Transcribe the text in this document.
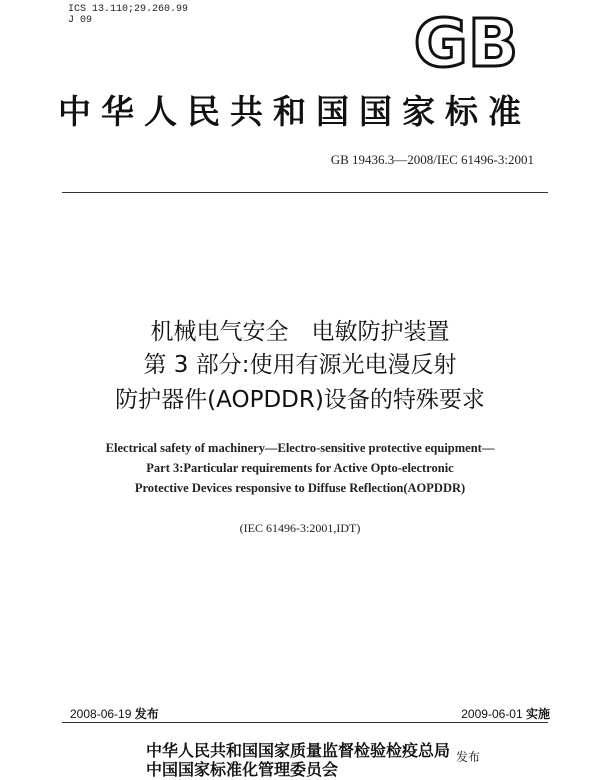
ICS 13.110;29.260.99
J 09	GB
中华人民共和国国家标准
GB 19436.3—2008/IEC 61496-3:2001
机械电气安全　电敏防护装置
第 3 部分:使用有源光电漫反射
防护器件(AOPDDR)设备的特殊要求
Electrical safety of machinery—Electro-sensitive protective equipment—
Part 3:Particular requirements for Active Opto-electronic
Protective Devices responsive to Diffuse Reflection(AOPDDR)
(IEC 61496-3:2001,IDT)
2008-06-19 发布	2009-06-01 实施
中华人民共和国国家质量监督检验检疫总局
中国国家标准化管理委员会
发布
